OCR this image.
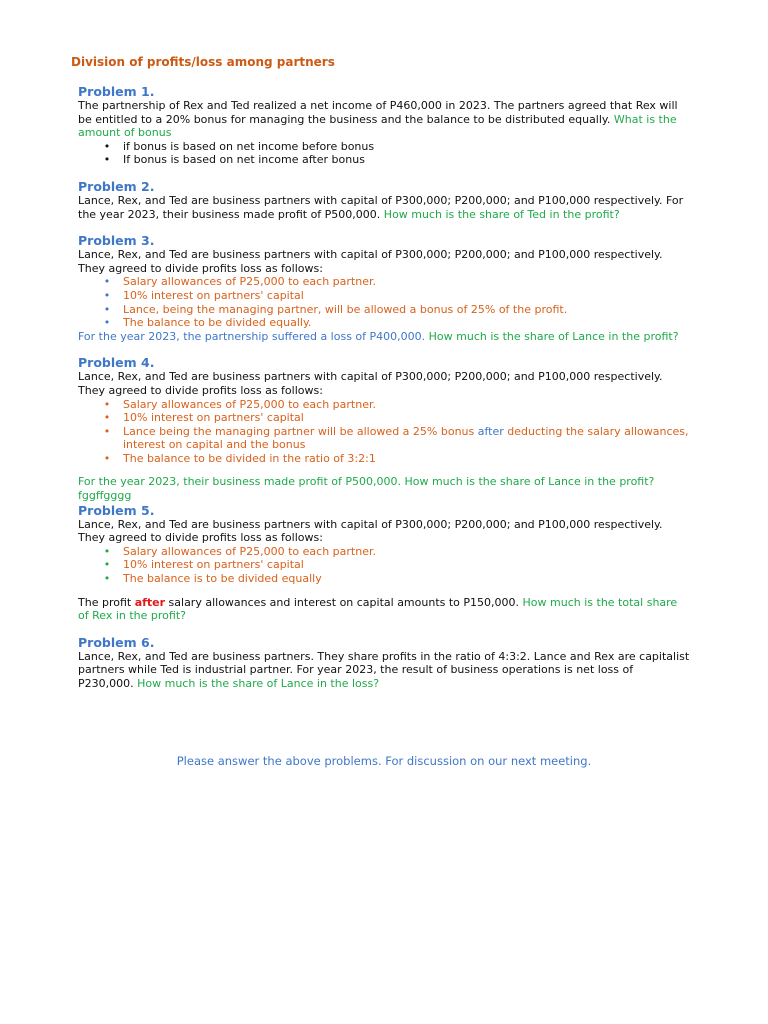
Division of profits/loss among partners

Problem 1.

The partnership of Rex and Ted realized a net income of P460,000 in 2023. The partners agreed that Rex will be entitled to a 20% bonus for managing the business and the balance to be distributed equally. What is the amount of bonus

•	if bonus is based on net income before bonus
•	If bonus is based on net income after bonus

Problem 2.

Lance, Rex, and Ted are business partners with capital of P300,000; P200,000; and P100,000 respectively. For the year 2023, their business made profit of P500,000. How much is the share of Ted in the profit?

Problem 3.

Lance, Rex, and Ted are business partners with capital of P300,000; P200,000; and P100,000 respectively. They agreed to divide profits loss as follows:

•	Salary allowances of P25,000 to each partner.
•	10% interest on partners' capital
•	Lance, being the managing partner, will be allowed a bonus of 25% of the profit.
•	The balance to be divided equally.

For the year 2023, the partnership suffered a loss of P400,000. How much is the share of Lance in the profit?

Problem 4.

Lance, Rex, and Ted are business partners with capital of P300,000; P200,000; and P100,000 respectively. They agreed to divide profits loss as follows:

•	Salary allowances of P25,000 to each partner.
•	10% interest on partners' capital
•	Lance being the managing partner will be allowed a 25% bonus after deducting the salary allowances, interest on capital and the bonus
•	The balance to be divided in the ratio of 3:2:1

For the year 2023, their business made profit of P500,000. How much is the share of Lance in the profit?

fggffgggg

Problem 5.

Lance, Rex, and Ted are business partners with capital of P300,000; P200,000; and P100,000 respectively. They agreed to divide profits loss as follows:

•	Salary allowances of P25,000 to each partner.
•	10% interest on partners' capital
•	The balance is to be divided equally

The profit after salary allowances and interest on capital amounts to P150,000. How much is the total share of Rex in the profit?

Problem 6.

Lance, Rex, and Ted are business partners. They share profits in the ratio of 4:3:2. Lance and Rex are capitalist partners while Ted is industrial partner. For year 2023, the result of business operations is net loss of P230,000. How much is the share of Lance in the loss?

Please answer the above problems. For discussion on our next meeting.
